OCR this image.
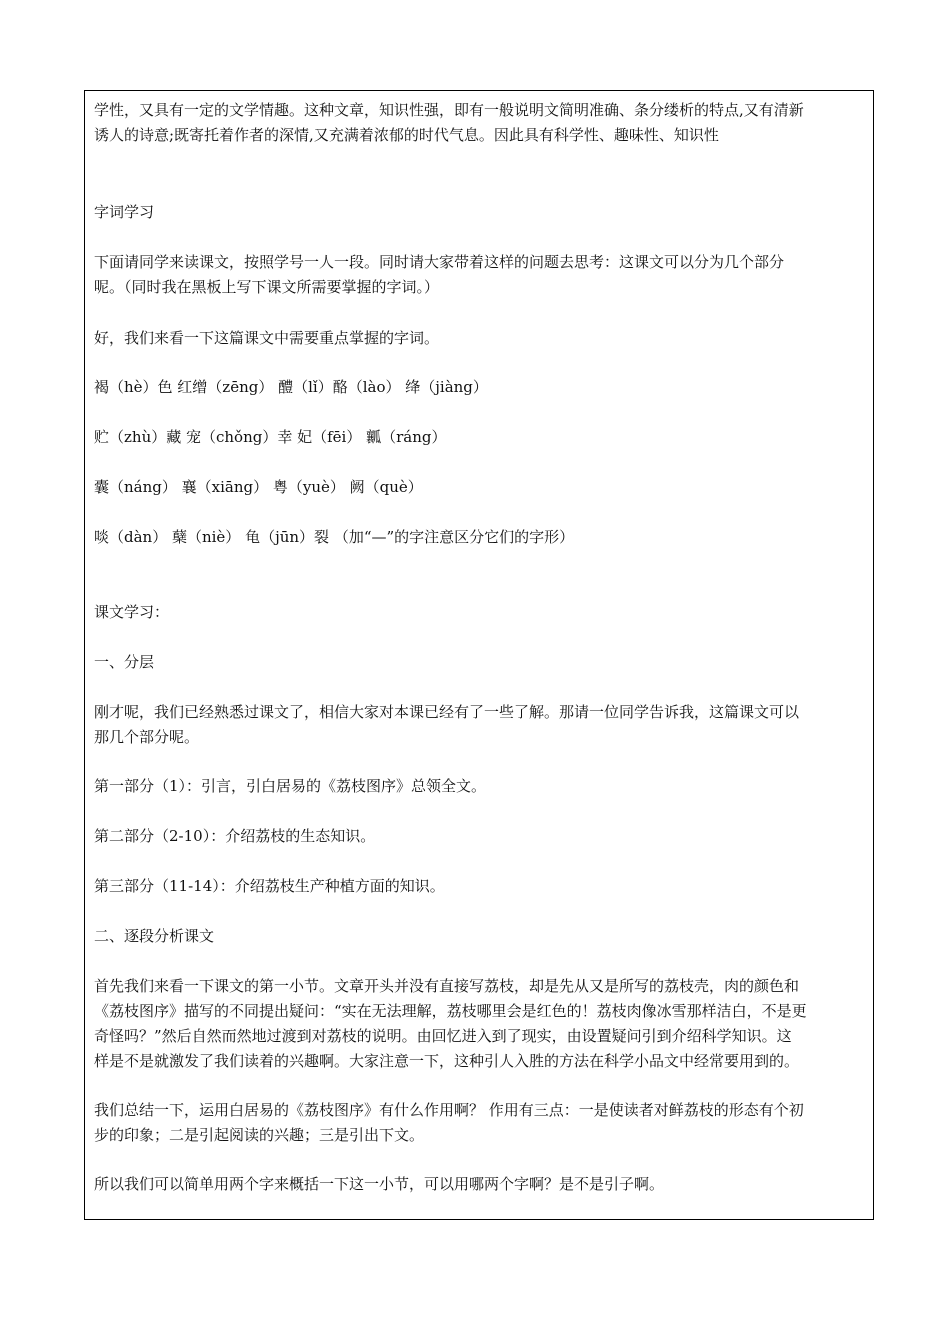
学性，又具有一定的文学情趣。这种文章，知识性强，即有一般说明文简明准确、条分缕析的特点,又有清新
诱人的诗意;既寄托着作者的深情,又充满着浓郁的时代气息。因此具有科学性、趣味性、知识性

字词学习

下面请同学来读课文，按照学号一人一段。同时请大家带着这样的问题去思考：这课文可以分为几个部分
呢。（同时我在黑板上写下课文所需要掌握的字词。）

好，我们来看一下这篇课文中需要重点掌握的字词。

褐（hè）色 红缯（zēng） 醴（lǐ）酪（lào） 绛（jiàng）

贮（zhù）藏 宠（chǒng）幸 妃（fēi） 瓤（ráng）

囊（náng） 襄（xiāng） 粤（yuè） 阙（què）

啖（dàn） 蘖（niè） 龟（jūn）裂 （加“—”的字注意区分它们的字形）

课文学习：

一、分层

刚才呢，我们已经熟悉过课文了，相信大家对本课已经有了一些了解。那请一位同学告诉我，这篇课文可以
那几个部分呢。

第一部分（1）：引言，引白居易的《荔枝图序》总领全文。

第二部分（2-10）：介绍荔枝的生态知识。

第三部分（11-14）：介绍荔枝生产种植方面的知识。

二、逐段分析课文

首先我们来看一下课文的第一小节。文章开头并没有直接写荔枝，却是先从又是所写的荔枝壳，肉的颜色和
《荔枝图序》描写的不同提出疑问：“实在无法理解，荔枝哪里会是红色的！荔枝肉像冰雪那样洁白，不是更
奇怪吗？”然后自然而然地过渡到对荔枝的说明。由回忆进入到了现实，由设置疑问引到介绍科学知识。这
样是不是就激发了我们读着的兴趣啊。大家注意一下，这种引人入胜的方法在科学小品文中经常要用到的。

我们总结一下，运用白居易的《荔枝图序》有什么作用啊？ 作用有三点：一是使读者对鲜荔枝的形态有个初
步的印象；二是引起阅读的兴趣；三是引出下文。

所以我们可以简单用两个字来概括一下这一小节，可以用哪两个字啊？是不是引子啊。
